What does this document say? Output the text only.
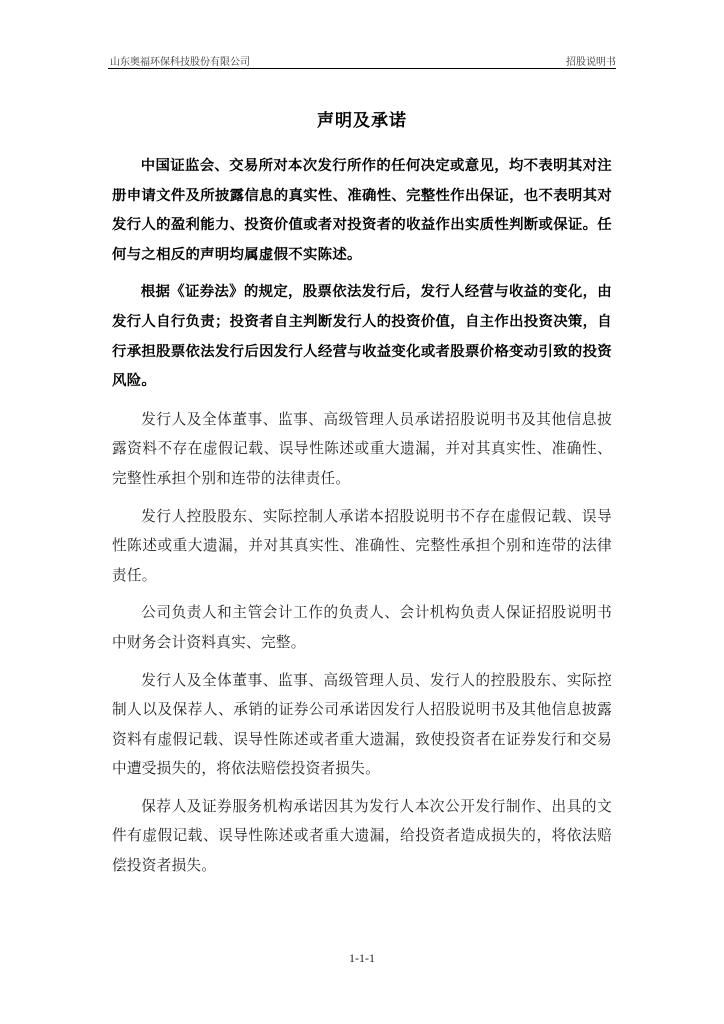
山东奥福环保科技股份有限公司	招股说明书
声明及承诺

中国证监会、交易所对本次发行所作的任何决定或意见，均不表明其对注册申请文件及所披露信息的真实性、准确性、完整性作出保证，也不表明其对发行人的盈利能力、投资价值或者对投资者的收益作出实质性判断或保证。任何与之相反的声明均属虚假不实陈述。

根据《证券法》的规定，股票依法发行后，发行人经营与收益的变化，由发行人自行负责；投资者自主判断发行人的投资价值，自主作出投资决策，自行承担股票依法发行后因发行人经营与收益变化或者股票价格变动引致的投资风险。

发行人及全体董事、监事、高级管理人员承诺招股说明书及其他信息披露资料不存在虚假记载、误导性陈述或重大遗漏，并对其真实性、准确性、完整性承担个别和连带的法律责任。

发行人控股股东、实际控制人承诺本招股说明书不存在虚假记载、误导性陈述或重大遗漏，并对其真实性、准确性、完整性承担个别和连带的法律责任。

公司负责人和主管会计工作的负责人、会计机构负责人保证招股说明书中财务会计资料真实、完整。

发行人及全体董事、监事、高级管理人员、发行人的控股股东、实际控制人以及保荐人、承销的证券公司承诺因发行人招股说明书及其他信息披露资料有虚假记载、误导性陈述或者重大遗漏，致使投资者在证券发行和交易中遭受损失的，将依法赔偿投资者损失。

保荐人及证券服务机构承诺因其为发行人本次公开发行制作、出具的文件有虚假记载、误导性陈述或者重大遗漏，给投资者造成损失的，将依法赔偿投资者损失。

1-1-1
